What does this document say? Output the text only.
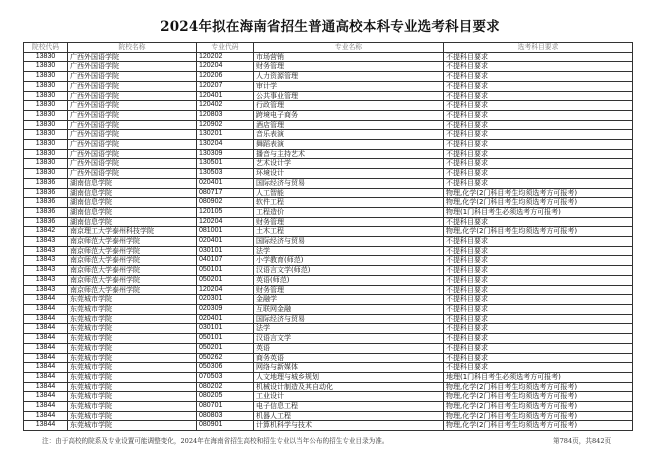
2024年拟在海南省招生普通高校本科专业选考科目要求
院校代码	院校名称	专业代码	专业名称	选考科目要求
13830	广西外国语学院	120202	市场营销	不提科目要求
13830	广西外国语学院	120204	财务管理	不提科目要求
13830	广西外国语学院	120206	人力资源管理	不提科目要求
13830	广西外国语学院	120207	审计学	不提科目要求
13830	广西外国语学院	120401	公共事业管理	不提科目要求
13830	广西外国语学院	120402	行政管理	不提科目要求
13830	广西外国语学院	120803	跨境电子商务	不提科目要求
13830	广西外国语学院	120902	酒店管理	不提科目要求
13830	广西外国语学院	130201	音乐表演	不提科目要求
13830	广西外国语学院	130204	舞蹈表演	不提科目要求
13830	广西外国语学院	130309	播音与主持艺术	不提科目要求
13830	广西外国语学院	130501	艺术设计学	不提科目要求
13830	广西外国语学院	130503	环境设计	不提科目要求
13836	湖南信息学院	020401	国际经济与贸易	不提科目要求
13836	湖南信息学院	080717	人工智能	物理,化学(2门科目考生均须选考方可报考)
13836	湖南信息学院	080902	软件工程	物理,化学(2门科目考生均须选考方可报考)
13836	湖南信息学院	120105	工程造价	物理(1门科目考生必须选考方可报考)
13836	湖南信息学院	120204	财务管理	不提科目要求
13842	南京理工大学泰州科技学院	081001	土木工程	物理,化学(2门科目考生均须选考方可报考)
13843	南京师范大学泰州学院	020401	国际经济与贸易	不提科目要求
13843	南京师范大学泰州学院	030101	法学	不提科目要求
13843	南京师范大学泰州学院	040107	小学教育(师范)	不提科目要求
13843	南京师范大学泰州学院	050101	汉语言文学(师范)	不提科目要求
13843	南京师范大学泰州学院	050201	英语(师范)	不提科目要求
13843	南京师范大学泰州学院	120204	财务管理	不提科目要求
13844	东莞城市学院	020301	金融学	不提科目要求
13844	东莞城市学院	020309	互联网金融	不提科目要求
13844	东莞城市学院	020401	国际经济与贸易	不提科目要求
13844	东莞城市学院	030101	法学	不提科目要求
13844	东莞城市学院	050101	汉语言文学	不提科目要求
13844	东莞城市学院	050201	英语	不提科目要求
13844	东莞城市学院	050262	商务英语	不提科目要求
13844	东莞城市学院	050306	网络与新媒体	不提科目要求
13844	东莞城市学院	070503	人文地理与城乡规划	地理(1门科目考生必须选考方可报考)
13844	东莞城市学院	080202	机械设计制造及其自动化	物理,化学(2门科目考生均须选考方可报考)
13844	东莞城市学院	080205	工业设计	物理,化学(2门科目考生均须选考方可报考)
13844	东莞城市学院	080701	电子信息工程	物理,化学(2门科目考生均须选考方可报考)
13844	东莞城市学院	080803	机器人工程	物理,化学(2门科目考生均须选考方可报考)
13844	东莞城市学院	080901	计算机科学与技术	物理,化学(2门科目考生均须选考方可报考)
注：由于高校的院系及专业设置可能调整变化，2024年在海南省招生高校和招生专业以当年公布的招生专业目录为准。	第784页，共842页
